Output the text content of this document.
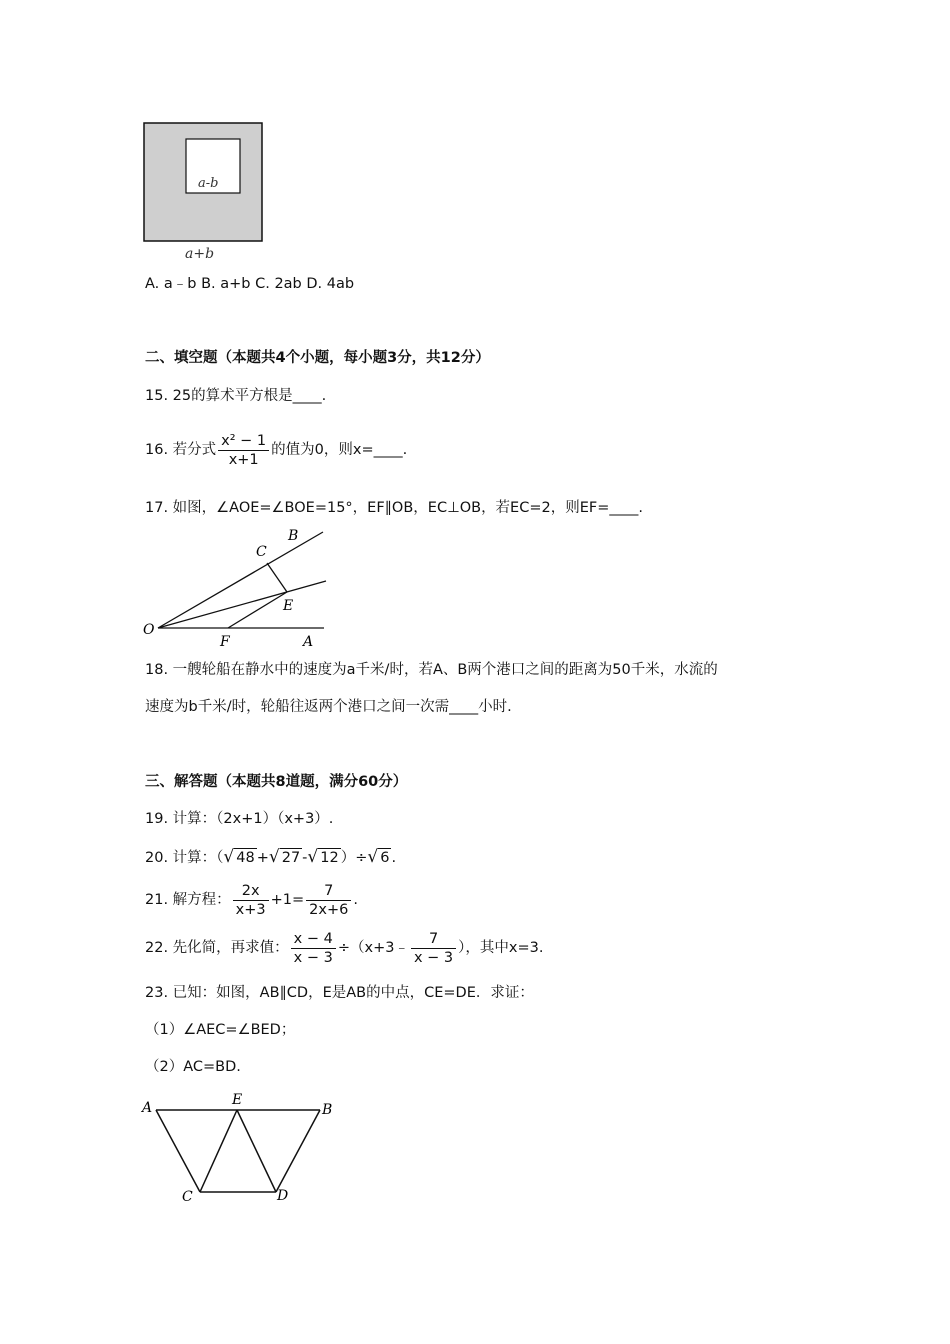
a-b
a+b
A. a﹣b B. a+b C. 2ab D. 4ab
二、填空题（本题共4个小题，每小题3分，共12分）
15. 25的算术平方根是____.
16. 若分式 $\frac{\text{x² − 1}}{x+1}$ 的值为0，则x=____.
17. 如图，∠AOE=∠BOE=15°，EF∥OB，EC⊥OB，若EC=2，则EF=____.
B
C
E
O
F	A
18. 一艘轮船在静水中的速度为a千米/时，若A、B两个港口之间的距离为50千米，水流的
速度为b千米/时，轮船往返两个港口之间一次需____小时.
三、解答题（本题共8道题，满分60分）
19. 计算：（2x+1）（x+3）.
20. 计算：（√ 48 +√ 27 -√ 12 ）÷√ 6 .
21. 解方程： $\frac{2x}{x+3} +1= \frac{7}{2x+6}$ .
22. 先化简，再求值： $\frac{x - 4}{x - 3}$ ÷（x+3﹣ $\frac{7}{x - 3}$ ），其中x=3.
23. 已知：如图，AB∥CD，E是AB的中点，CE=DE．求证：
（1）∠AEC=∠BED；
（2）AC=BD.
A	E
B
C	D
